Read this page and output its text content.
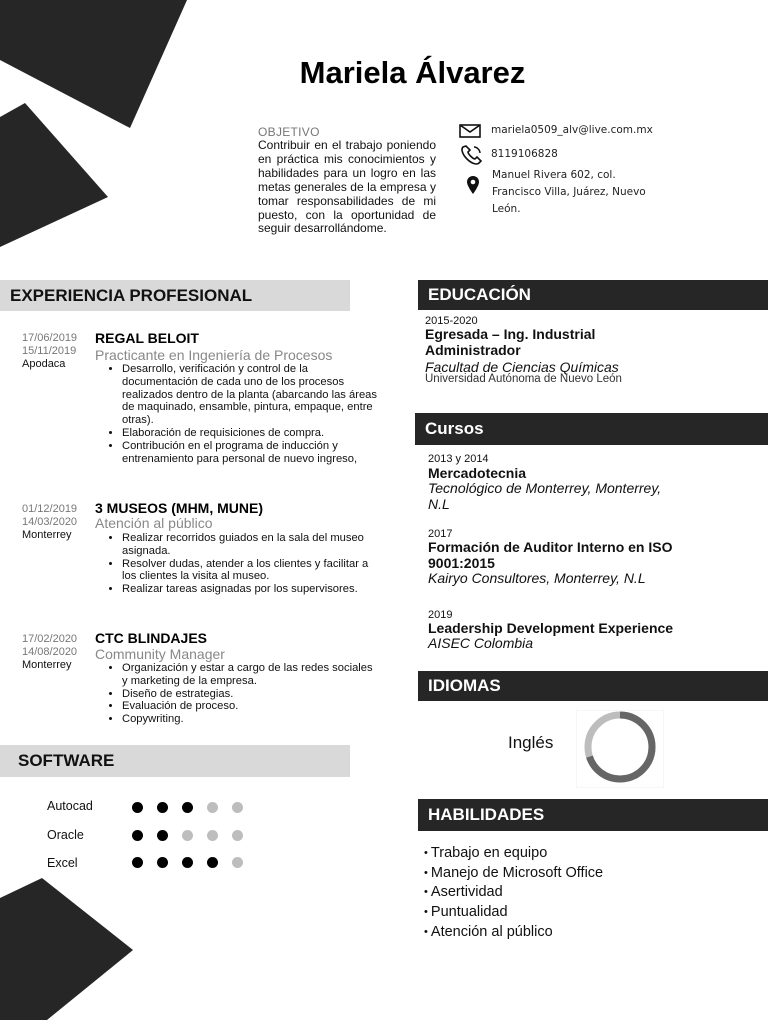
Mariela Álvarez
OBJETIVO
Contribuir en el trabajo poniendo en práctica mis conocimientos y habilidades para un logro en las metas generales de la empresa y tomar responsabilidades de mi puesto, con la oportunidad de seguir desarrollándome.
mariela0509_alv@live.com.mx
8119106828
Manuel Rivera 602, col.
Francisco Villa, Juárez, Nuevo
León.
EXPERIENCIA PROFESIONAL
17/06/2019
15/11/2019
Apodaca
REGAL BELOIT
Practicante en Ingeniería de Procesos
• Desarrollo, verificación y control de la documentación de cada uno de los procesos realizados dentro de la planta (abarcando las áreas de maquinado, ensamble, pintura, empaque, entre otras).
• Elaboración de requisiciones de compra.
• Contribución en el programa de inducción y entrenamiento para personal de nuevo ingreso,
01/12/2019
14/03/2020
Monterrey
3 MUSEOS (MHM, MUNE)
Atención al público
• Realizar recorridos guiados en la sala del museo asignada.
• Resolver dudas, atender a los clientes y facilitar a los clientes la visita al museo.
• Realizar tareas asignadas por los supervisores.
17/02/2020
14/08/2020
Monterrey
CTC BLINDAJES
Community Manager
• Organización y estar a cargo de las redes sociales y marketing de la empresa.
• Diseño de estrategias.
• Evaluación de proceso.
• Copywriting.
SOFTWARE
Autocad
Oracle
Excel
EDUCACIÓN
2015-2020
Egresada – Ing. Industrial
Administrador
Facultad de Ciencias Químicas
Universidad Autónoma de Nuevo León
Cursos
2013 y 2014
Mercadotecnia
Tecnológico de Monterrey, Monterrey, N.L
2017
Formación de Auditor Interno en ISO 9001:2015
Kairyo Consultores, Monterrey, N.L
2019
Leadership Development Experience
AISEC Colombia
IDIOMAS
Inglés
HABILIDADES
• Trabajo en equipo
• Manejo de Microsoft Office
• Asertividad
• Puntualidad
• Atención al público
